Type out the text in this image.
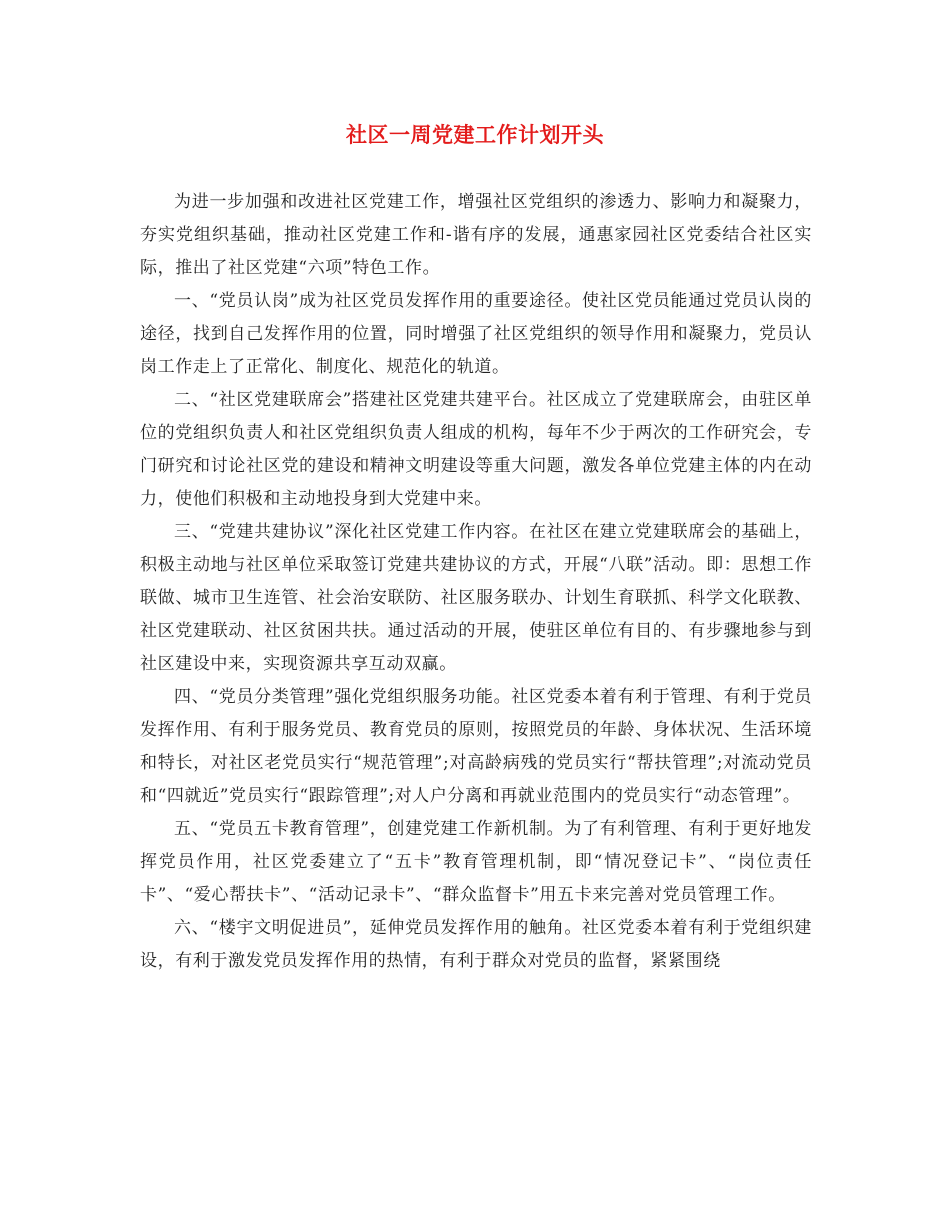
社区一周党建工作计划开头

为进一步加强和改进社区党建工作，增强社区党组织的渗透力、影响力和凝聚力，夯实党组织基础，推动社区党建工作和-谐有序的发展，通惠家园社区党委结合社区实际，推出了社区党建“六项”特色工作。

一、“党员认岗”成为社区党员发挥作用的重要途径。使社区党员能通过党员认岗的途径，找到自己发挥作用的位置，同时增强了社区党组织的领导作用和凝聚力，党员认岗工作走上了正常化、制度化、规范化的轨道。

二、“社区党建联席会”搭建社区党建共建平台。社区成立了党建联席会，由驻区单位的党组织负责人和社区党组织负责人组成的机构，每年不少于两次的工作研究会，专门研究和讨论社区党的建设和精神文明建设等重大问题，激发各单位党建主体的内在动力，使他们积极和主动地投身到大党建中来。

三、“党建共建协议”深化社区党建工作内容。在社区在建立党建联席会的基础上，积极主动地与社区单位采取签订党建共建协议的方式，开展“八联”活动。即：思想工作联做、城市卫生连管、社会治安联防、社区服务联办、计划生育联抓、科学文化联教、社区党建联动、社区贫困共扶。通过活动的开展，使驻区单位有目的、有步骤地参与到社区建设中来，实现资源共享互动双赢。

四、“党员分类管理”强化党组织服务功能。社区党委本着有利于管理、有利于党员发挥作用、有利于服务党员、教育党员的原则，按照党员的年龄、身体状况、生活环境和特长，对社区老党员实行“规范管理”;对高龄病残的党员实行“帮扶管理”;对流动党员和“四就近”党员实行“跟踪管理”;对人户分离和再就业范围内的党员实行“动态管理”。

五、“党员五卡教育管理”，创建党建工作新机制。为了有利管理、有利于更好地发挥党员作用，社区党委建立了“五卡”教育管理机制，即“情况登记卡”、“岗位责任卡”、“爱心帮扶卡”、“活动记录卡”、“群众监督卡”用五卡来完善对党员管理工作。

六、“楼宇文明促进员”，延伸党员发挥作用的触角。社区党委本着有利于党组织建设，有利于激发党员发挥作用的热情，有利于群众对党员的监督，紧紧围绕
